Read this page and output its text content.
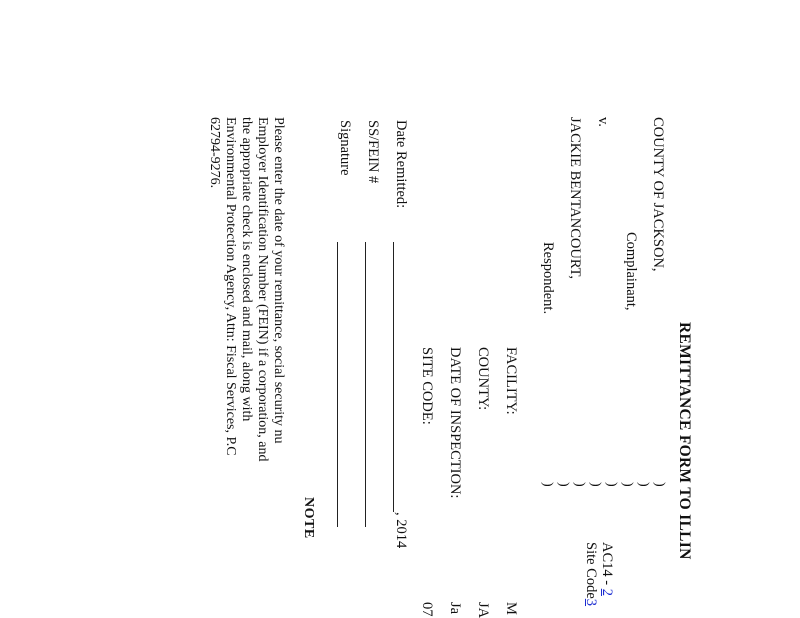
REMITTANCE FORM TO ILLIN
COUNTY OF JACKSON,
Complainant,
v.
JACKIE BENTANCOURT,
Respondent.
)
)
)
)
)
)
)
)
AC14 - 2
Site Code3
FACILITY:
M
COUNTY:
JA
DATE OF INSPECTION:
Ja
SITE CODE:
07
Date Remitted:
, 2014
SS/FEIN #
Signature
NOTE
Please enter the date of your remittance, social security nu
Employer Identification Number (FEIN) if a corporation, and
the appropriate check is enclosed and mail, along with
Environmental Protection Agency, Attn: Fiscal Services, P.C
62794-9276.
